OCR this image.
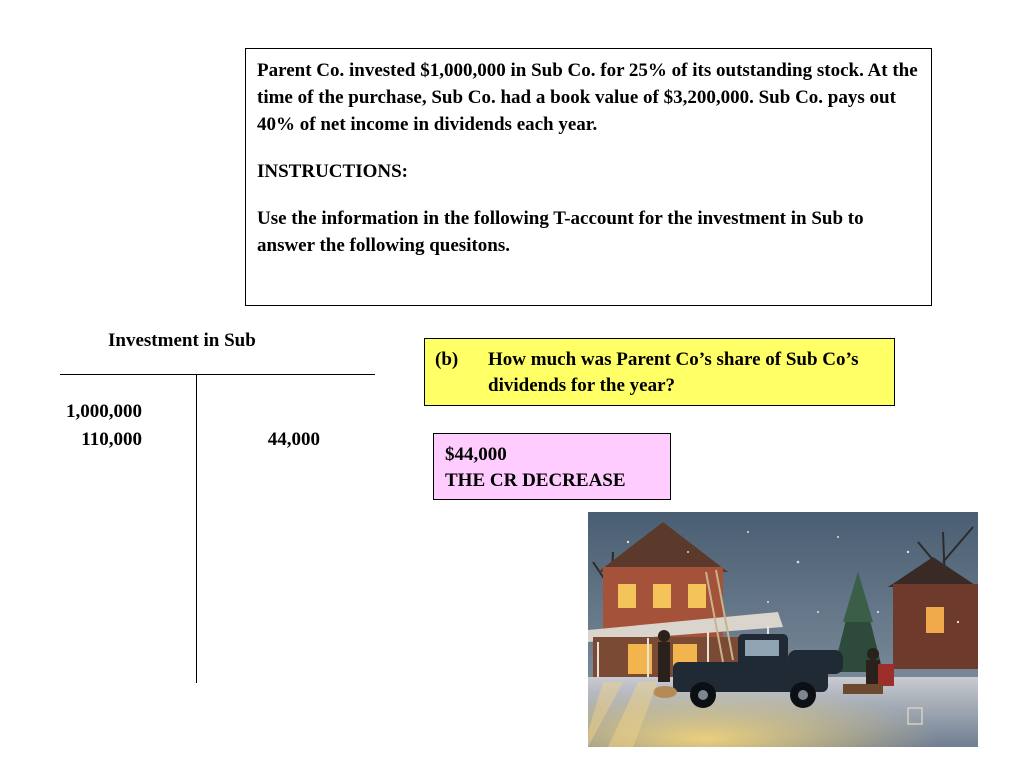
Parent Co. invested $1,000,000 in Sub Co. for 25% of its outstanding stock. At the time of the purchase, Sub Co. had a book value of $3,200,000. Sub Co. pays out 40% of net income in dividends each year.

INSTRUCTIONS:

Use the information in the following T-account for the investment in Sub to answer the following quesitons.

Investment in Sub
1,000,000
110,000	44,000
(b) How much was Parent Co’s share of Sub Co’s dividends for the year?
$44,000
THE CR DECREASE
